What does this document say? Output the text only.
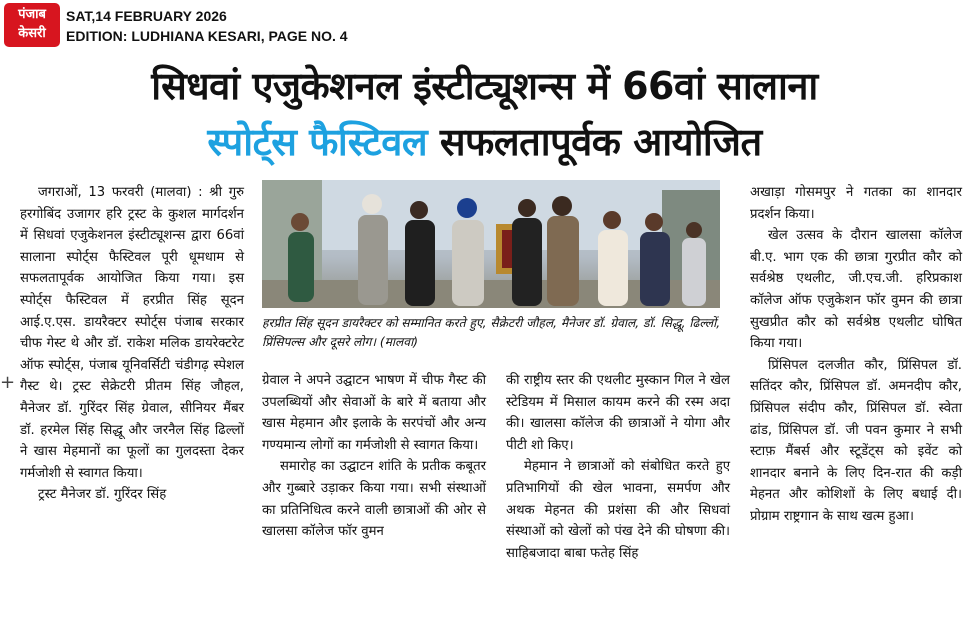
पंजाब
केसरी
SAT,14 FEBRUARY 2026
EDITION: LUDHIANA KESARI, PAGE NO. 4
सिधवां एजुकेशनल इंस्टीट्यूशन्स में 66वां सालाना
स्पोर्ट्स फैस्टिवल सफलतापूर्वक आयोजित
हरप्रीत सिंह सूदन डायरैक्टर को सम्मानित करते हुए, सैक्रेटरी जौहल, मैनेजर डॉ. ग्रेवाल, डॉ. सिद्धू, ढिल्लों, प्रिंसिपल्स और दूसरे लोग। (मालवा)
+

जगराओं, 13 फरवरी (मालवा) : श्री गुरु हरगोबिंद उजागर हरि ट्रस्ट के कुशल मार्गदर्शन में सिधवां एजुकेशनल इंस्टीट्यूशन्स द्वारा 66वां सालाना स्पोर्ट्स फैस्टिवल पूरी धूमधाम से सफलतापूर्वक आयोजित किया गया। इस स्पोर्ट्स फैस्टिवल में हरप्रीत सिंह सूदन आई.ए.एस. डायरैक्टर स्पोर्ट्स पंजाब सरकार चीफ गेस्ट थे और डॉ. राकेश मलिक डायरेक्टरेट ऑफ स्पोर्ट्स, पंजाब यूनिवर्सिटी चंडीगढ़ स्पेशल गैस्ट थे। ट्रस्ट सेक्रेटरी प्रीतम सिंह जौहल, मैनेजर डॉ. गुरिंदर सिंह ग्रेवाल, सीनियर मैंबर डॉ. हरमेल सिंह सिद्धू और जरनैल सिंह ढिल्लों ने खास मेहमानों का फूलों का गुलदस्ता देकर गर्मजोशी से स्वागत किया।

ट्रस्ट मैनेजर डॉ. गुरिंदर सिंह

ग्रेवाल ने अपने उद्घाटन भाषण में चीफ गैस्ट की उपलब्धियों और सेवाओं के बारे में बताया और खास मेहमान और इलाके के सरपंचों और अन्य गण्यमान्य लोगों का गर्मजोशी से स्वागत किया।

समारोह का उद्घाटन शांति के प्रतीक कबूतर और गुब्बारे उड़ाकर किया गया। सभी संस्थाओं का प्रतिनिधित्व करने वाली छात्राओं की ओर से खालसा कॉलेज फॉर वुमन

की राष्ट्रीय स्तर की एथलीट मुस्कान गिल ने खेल स्टेडियम में मिसाल कायम करने की रस्म अदा की। खालसा कॉलेज की छात्राओं ने योगा और पीटी शो किए।

मेहमान ने छात्राओं को संबोधित करते हुए प्रतिभागियों की खेल भावना, समर्पण और अथक मेहनत की प्रशंसा की और सिधवां संस्थाओं को खेलों को पंख देने की घोषणा की। साहिबजादा बाबा फतेह सिंह

अखाड़ा गोसमपुर ने गतका का शानदार प्रदर्शन किया।

खेल उत्सव के दौरान खालसा कॉलेज बी.ए. भाग एक की छात्रा गुरप्रीत कौर को सर्वश्रेष्ठ एथलीट, जी.एच.जी. हरिप्रकाश कॉलेज ऑफ एजुकेशन फॉर वुमन की छात्रा सुखप्रीत कौर को सर्वश्रेष्ठ एथलीट घोषित किया गया।

प्रिंसिपल दलजीत कौर, प्रिंसिपल डॉ. सतिंदर कौर, प्रिंसिपल डॉ. अमनदीप कौर, प्रिंसिपल संदीप कौर, प्रिंसिपल डॉ. स्वेता ढांड, प्रिंसिपल डॉ. जी पवन कुमार ने सभी स्टाफ़ मैंबर्स और स्टूडेंट्स को इवेंट को शानदार बनाने के लिए दिन-रात की कड़ी मेहनत और कोशिशों के लिए बधाई दी। प्रोग्राम राष्ट्रगान के साथ खत्म हुआ।
